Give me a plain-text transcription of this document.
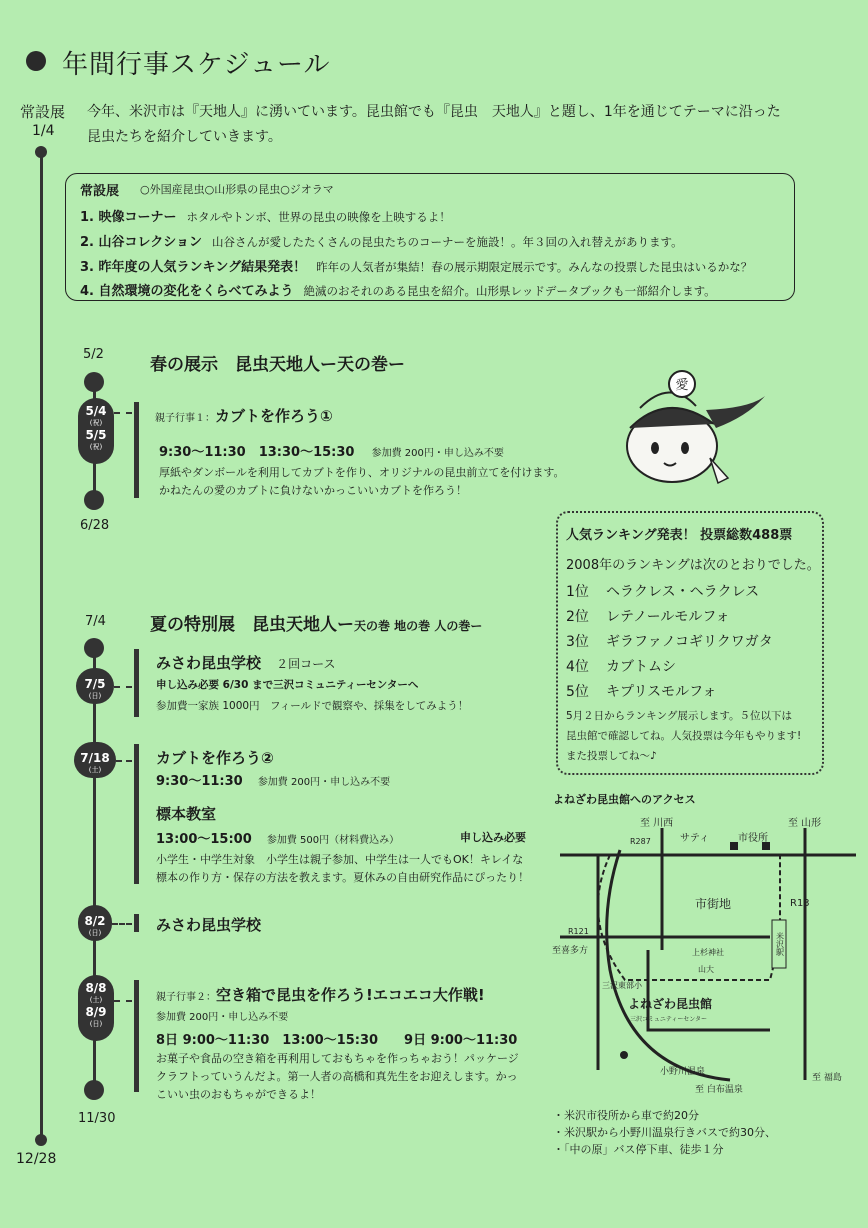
年間行事スケジュール
常設展
1/4
今年、米沢市は『天地人』に湧いています。昆虫館でも『昆虫　天地人』と題し、1年を通じてテーマに沿った
昆虫たちを紹介していきます。
12/28
常設展 ○外国産昆虫○山形県の昆虫○ジオラマ
1. 映像コーナー ホタルやトンボ、世界の昆虫の映像を上映するよ！
2. 山谷コレクション 山谷さんが愛したたくさんの昆虫たちのコーナーを施設！。年３回の入れ替えがあります。
3. 昨年度の人気ランキング結果発表！ 昨年の人気者が集結！春の展示期限定展示です。みんなの投票した昆虫はいるかな？
4. 自然環境の変化をくらべてみよう 絶滅のおそれのある昆虫を紹介。山形県レッドデータブックも一部紹介します。
5/2
春の展示　昆虫天地人ー天の巻ー
5/4
(祝)
5/5
(祝)
6/28
親子行事１：カブトを作ろう①
9:30〜11:30　13:30〜15:30 参加費 200円・申し込み不要
厚紙やダンボールを利用してカブトを作り、オリジナルの昆虫前立てを付けます。
かねたんの愛のカブトに負けないかっこいいカブトを作ろう！
愛
人気ランキング発表！ 投票総数488票
2008年のランキングは次のとおりでした。
1位 ヘラクレス・ヘラクレス
2位 レテノールモルフォ
3位 ギラファノコギリクワガタ
4位 カブトムシ
5位 キプリスモルフォ
5月２日からランキング展示します。５位以下は
昆虫館で確認してね。人気投票は今年もやります!
また投票してね〜♪
7/4	夏の特別展　昆虫天地人ー天の巻 地の巻 人の巻ー
11/30
7/5
(日)
みさわ昆虫学校 ２回コース
申し込み必要 6/30 まで三沢コミュニティーセンターへ
参加費一家族 1000円　フィールドで観察や、採集をしてみよう！
7/18
(土)
カブトを作ろう②
9:30〜11:30 参加費 200円・申し込み不要
標本教室
13:00〜15:00 参加費 500円（材料費込み）	申し込み必要
小学生・中学生対象　小学生は親子参加、中学生は一人でもOK！キレイな
標本の作り方・保存の方法を教えます。夏休みの自由研究作品にぴったり！
8/2
(日)	みさわ昆虫学校
8/8
(土)
8/9
(日)
親子行事２：空き箱で昆虫を作ろう!エコエコ大作戦!
参加費 200円・申し込み不要
8日 9:00〜11:30　13:00〜15:30　　9日 9:00〜11:30
お菓子や食品の空き箱を再利用しておもちゃを作っちゃおう！パッケージ
クラフトっていうんだよ。第一人者の高橋和真先生をお迎えします。かっ
こいい虫のおもちゃができるよ！
よねざわ昆虫館へのアクセス
至 川西	至 山形
R287	サティ	市役所
市街地	R13
R121
至喜多方	米沢駅
上杉神社
山大
よねざわ昆虫館
三沢コミュニティーセンター
三沢東部小
小野川温泉
至 白布温泉
至 福島
・米沢市役所から車で約20分
・米沢駅から小野川温泉行きバスで約30分、
・「中の原」バス停下車、徒歩１分
